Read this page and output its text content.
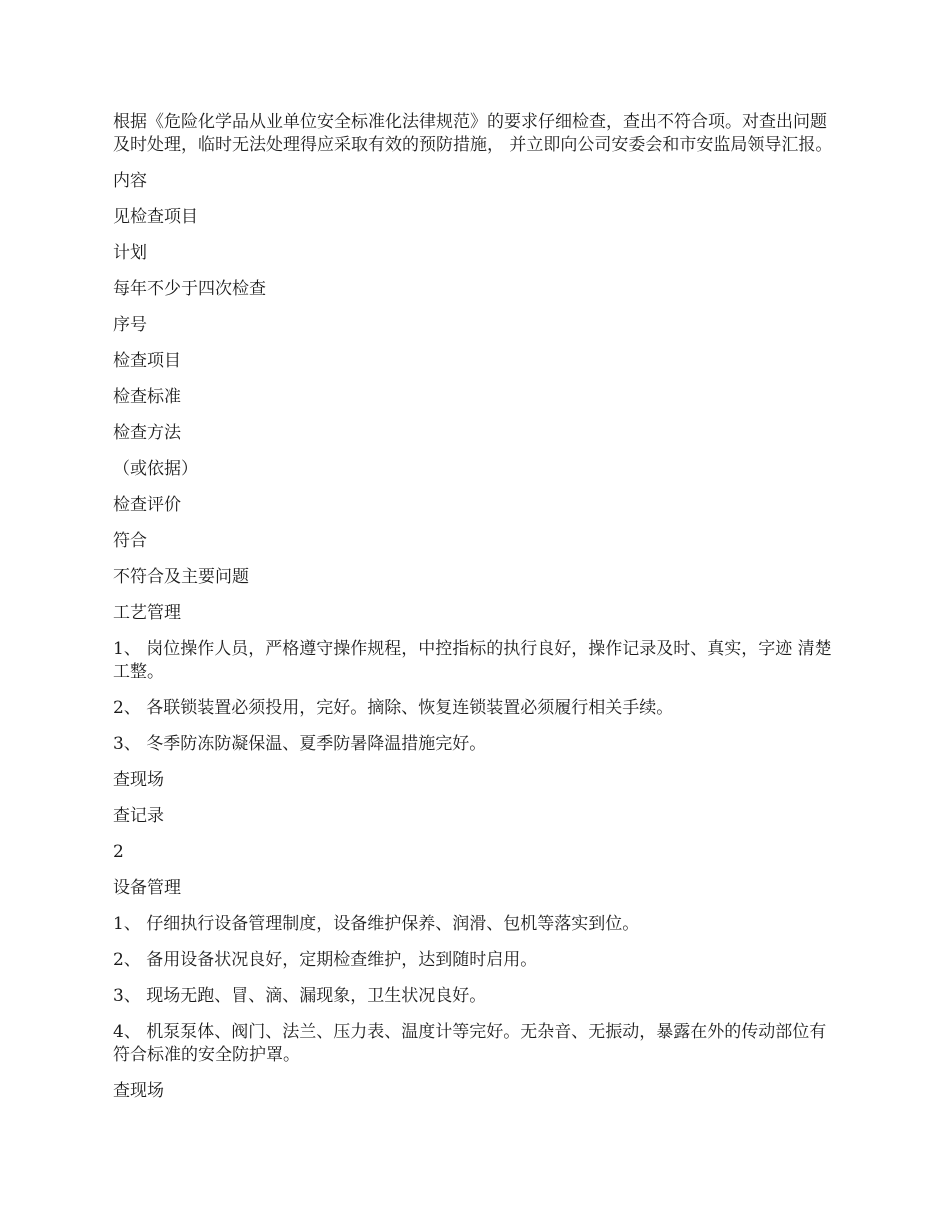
根据《危险化学品从业单位安全标准化法律规范》的要求仔细检查，查出不符合项。对查出问题及时处理，临时无法处理得应采取有效的预防措施， 并立即向公司安委会和市安监局领导汇报。

内容

见检查项目

计划

每年不少于四次检查

序号

检查项目

检查标准

检查方法

（或依据）

检查评价

符合

不符合及主要问题

工艺管理

1、 岗位操作人员，严格遵守操作规程，中控指标的执行良好，操作记录及时、真实，字迹 清楚工整。

2、 各联锁装置必须投用，完好。摘除、恢复连锁装置必须履行相关手续。

3、 冬季防冻防凝保温、夏季防暑降温措施完好。

查现场

查记录

2

设备管理

1、 仔细执行设备管理制度，设备维护保养、润滑、包机等落实到位。

2、 备用设备状况良好，定期检查维护，达到随时启用。

3、 现场无跑、冒、滴、漏现象，卫生状况良好。

4、 机泵泵体、阀门、法兰、压力表、温度计等完好。无杂音、无振动，暴露在外的传动部位有符合标准的安全防护罩。

查现场
